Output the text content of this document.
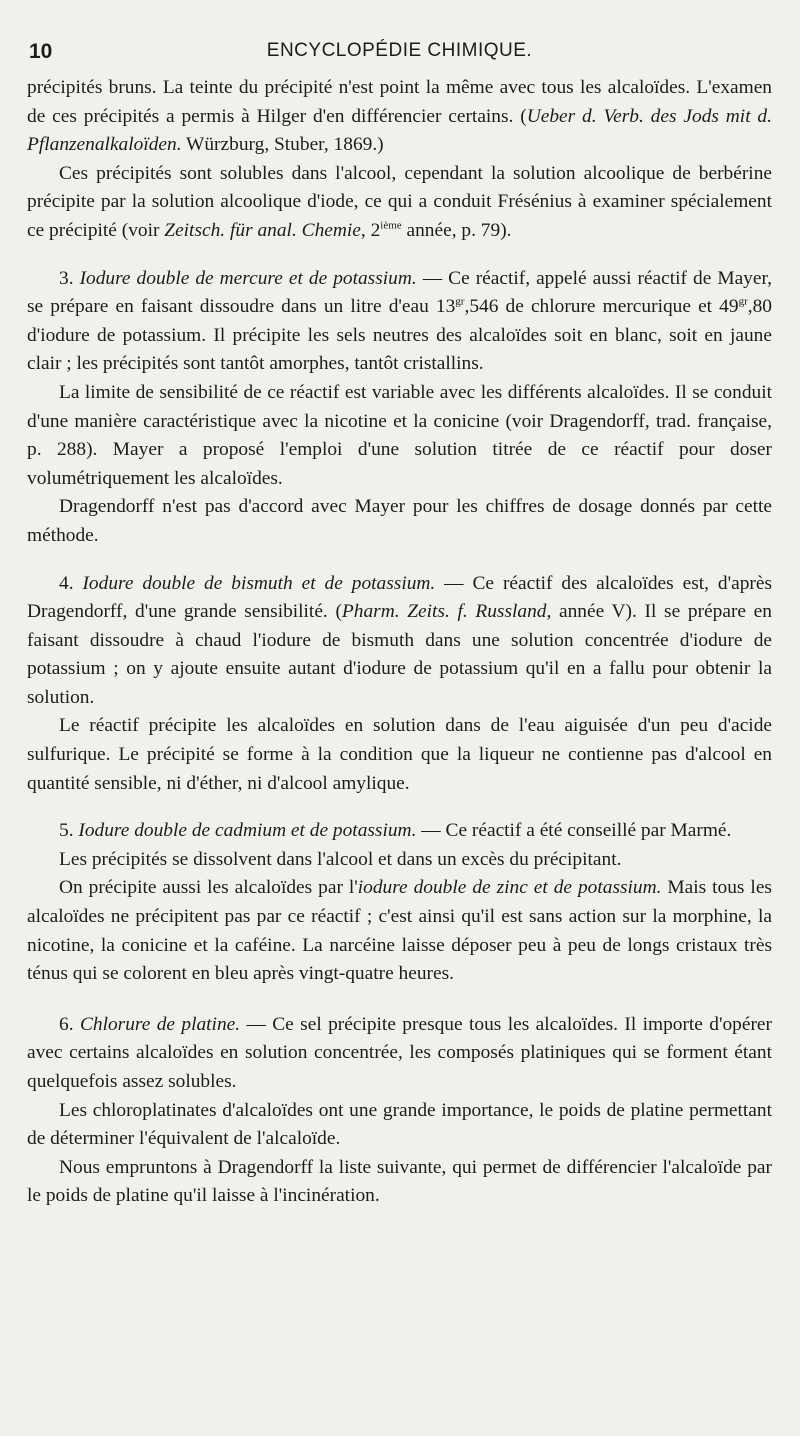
10	ENCYCLOPÉDIE CHIMIQUE.

précipités bruns. La teinte du précipité n'est point la même avec tous les alcaloïdes. L'examen de ces précipités a permis à Hilger d'en différencier certains. (Ueber d. Verb. des Jods mit d. Pflanzenalkaloïden. Würzburg, Stuber, 1869.)

Ces précipités sont solubles dans l'alcool, cependant la solution alcoolique de berbérine précipite par la solution alcoolique d'iode, ce qui a conduit Frésénius à examiner spécialement ce précipité (voir Zeitsch. für anal. Chemie, 2ième année, p. 79).

3. Iodure double de mercure et de potassium. — Ce réactif, appelé aussi réactif de Mayer, se prépare en faisant dissoudre dans un litre d'eau $13^{gr},546$ de chlorure mercurique et $49^{gr},80$ d'iodure de potassium. Il précipite les sels neutres des alcaloïdes soit en blanc, soit en jaune clair ; les précipités sont tantôt amorphes, tantôt cristallins.

La limite de sensibilité de ce réactif est variable avec les différents alcaloïdes. Il se conduit d'une manière caractéristique avec la nicotine et la conicine (voir Dragendorff, trad. française, p. 288). Mayer a proposé l'emploi d'une solution titrée de ce réactif pour doser volumétriquement les alcaloïdes.

Dragendorff n'est pas d'accord avec Mayer pour les chiffres de dosage donnés par cette méthode.

4. Iodure double de bismuth et de potassium. — Ce réactif des alcaloïdes est, d'après Dragendorff, d'une grande sensibilité. (Pharm. Zeits. f. Russland, année V). Il se prépare en faisant dissoudre à chaud l'iodure de bismuth dans une solution concentrée d'iodure de potassium ; on y ajoute ensuite autant d'iodure de potassium qu'il en a fallu pour obtenir la solution.

Le réactif précipite les alcaloïdes en solution dans de l'eau aiguisée d'un peu d'acide sulfurique. Le précipité se forme à la condition que la liqueur ne contienne pas d'alcool en quantité sensible, ni d'éther, ni d'alcool amylique.

5. Iodure double de cadmium et de potassium. — Ce réactif a été conseillé par Marmé.

Les précipités se dissolvent dans l'alcool et dans un excès du précipitant.

On précipite aussi les alcaloïdes par l'iodure double de zinc et de potassium. Mais tous les alcaloïdes ne précipitent pas par ce réactif ; c'est ainsi qu'il est sans action sur la morphine, la nicotine, la conicine et la caféine. La narcéine laisse déposer peu à peu de longs cristaux très ténus qui se colorent en bleu après vingt-quatre heures.

6. Chlorure de platine. — Ce sel précipite presque tous les alcaloïdes. Il importe d'opérer avec certains alcaloïdes en solution concentrée, les composés platiniques qui se forment étant quelquefois assez solubles.

Les chloroplatinates d'alcaloïdes ont une grande importance, le poids de platine permettant de déterminer l'équivalent de l'alcaloïde.

Nous empruntons à Dragendorff la liste suivante, qui permet de différencier l'alcaloïde par le poids de platine qu'il laisse à l'incinération.
